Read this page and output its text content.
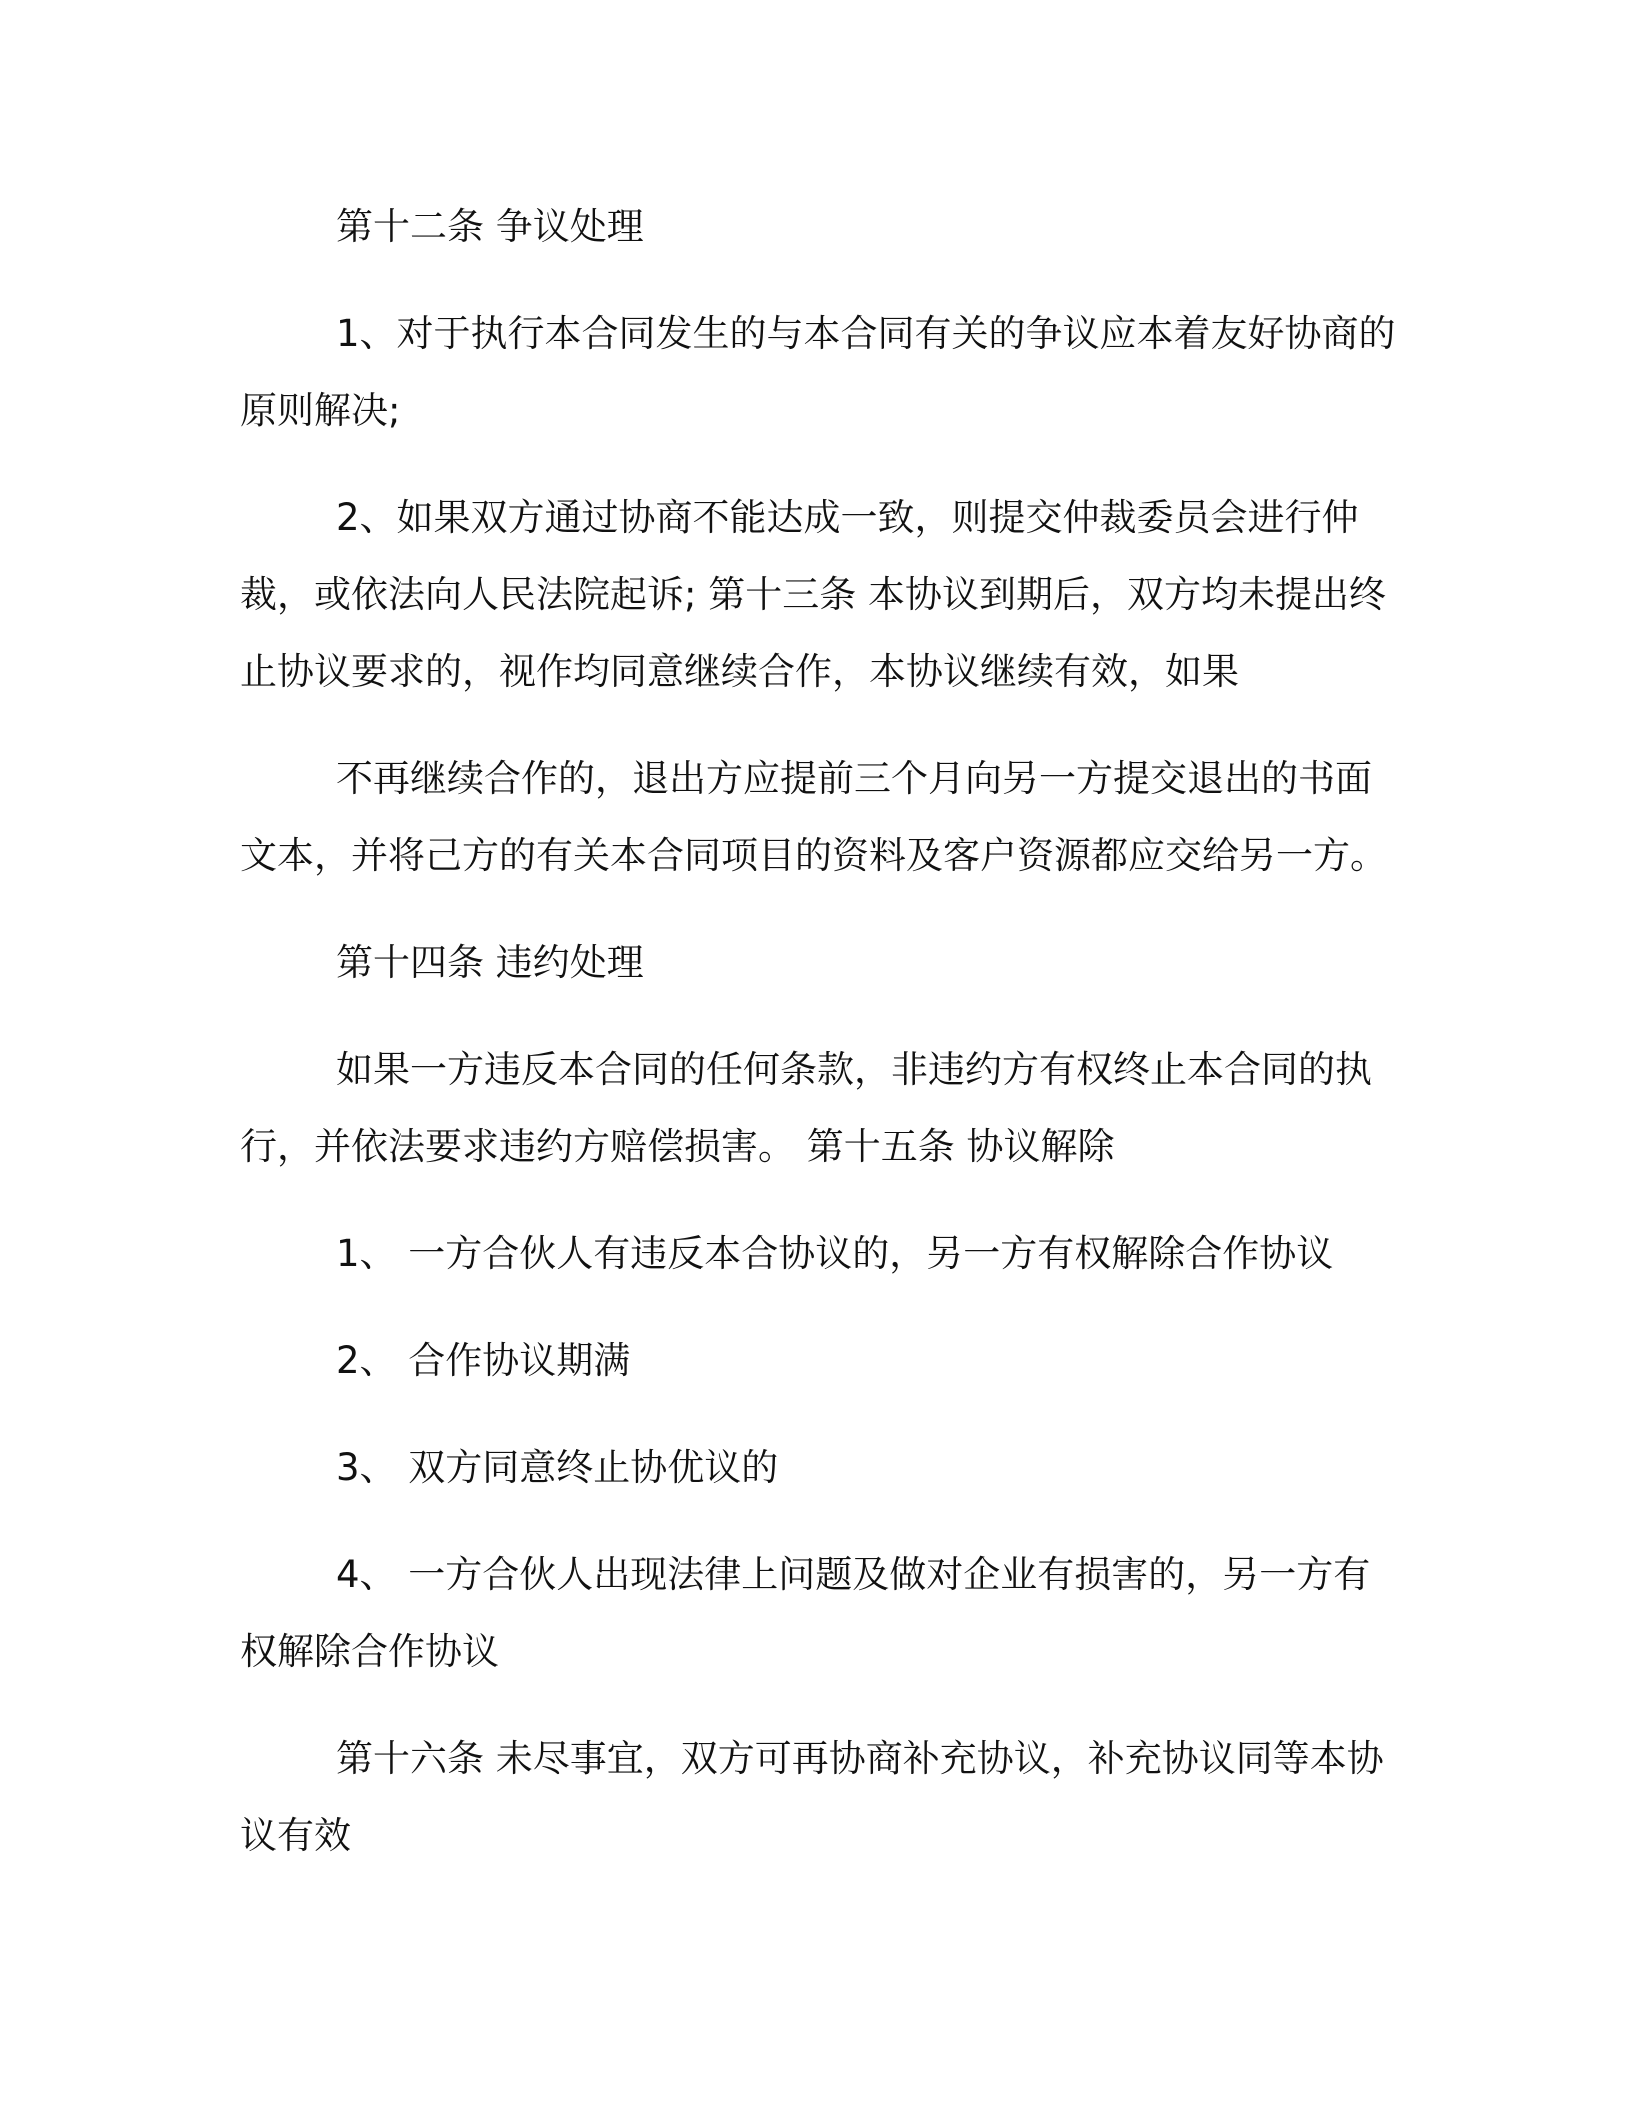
第十二条 争议处理

1、对于执行本合同发生的与本合同有关的争议应本着友好协商的原则解决;

2、如果双方通过协商不能达成一致，则提交仲裁委员会进行仲裁，或依法向人民法院起诉; 第十三条 本协议到期后，双方均未提出终止协议要求的，视作均同意继续合作，本协议继续有效，如果

不再继续合作的，退出方应提前三个月向另一方提交退出的书面文本，并将己方的有关本合同项目的资料及客户资源都应交给另一方。

第十四条 违约处理

如果一方违反本合同的任何条款，非违约方有权终止本合同的执行，并依法要求违约方赔偿损害。 第十五条 协议解除

1、 一方合伙人有违反本合协议的，另一方有权解除合作协议

2、 合作协议期满

3、 双方同意终止协优议的

4、 一方合伙人出现法律上问题及做对企业有损害的，另一方有权解除合作协议

第十六条 未尽事宜，双方可再协商补充协议，补充协议同等本协议有效
